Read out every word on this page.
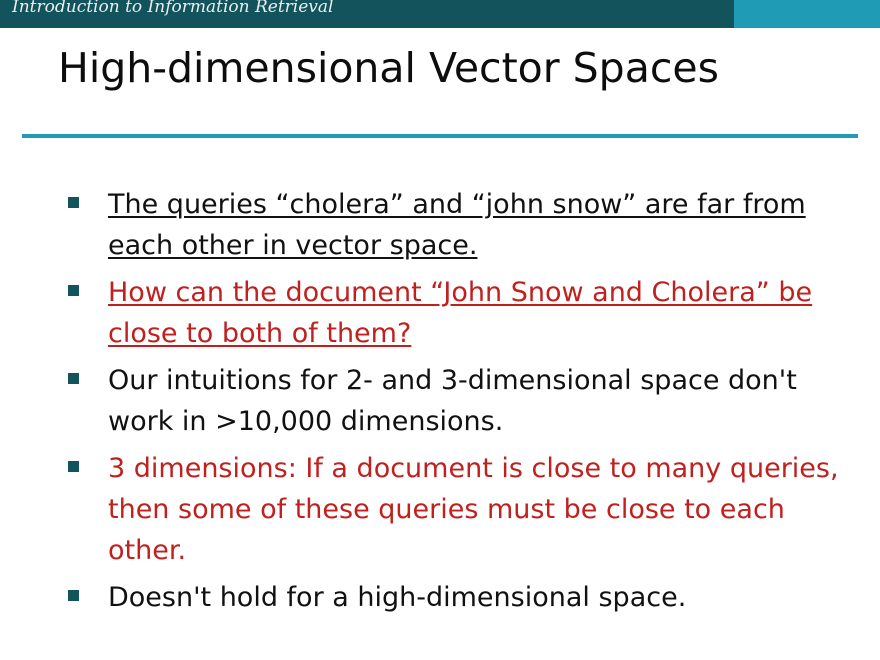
Introduction to Information Retrieval
High-dimensional Vector Spaces
The queries “cholera” and “john snow” are far from each other in vector space.
How can the document “John Snow and Cholera” be close to both of them?
Our intuitions for 2- and 3-dimensional space don't work in >10,000 dimensions.
3 dimensions: If a document is close to many queries, then some of these queries must be close to each other.
Doesn't hold for a high-dimensional space.
